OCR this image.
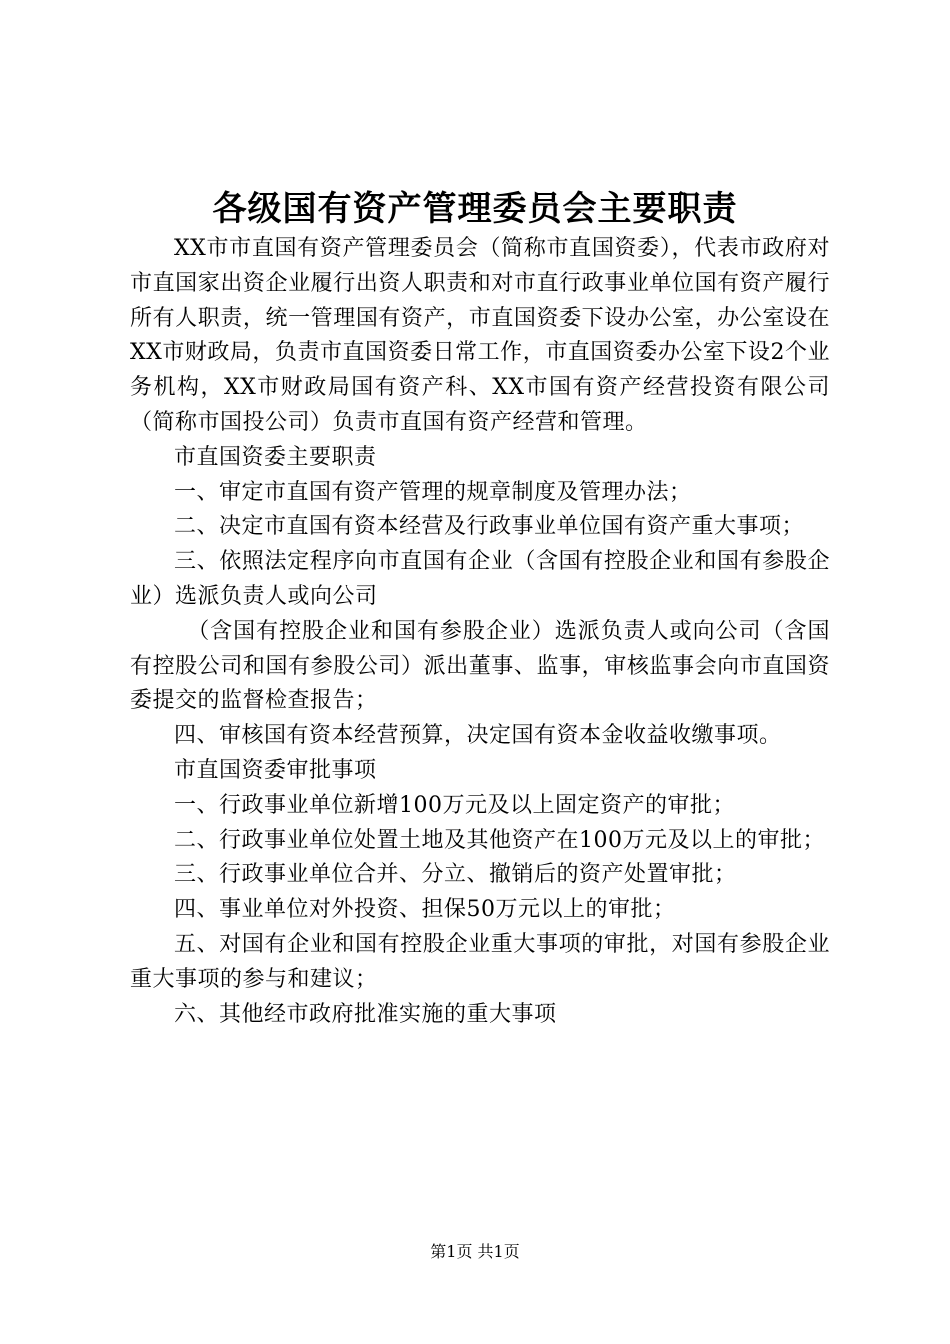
各级国有资产管理委员会主要职责

XX市市直国有资产管理委员会（简称市直国资委），代表市政府对市直国家出资企业履行出资人职责和对市直行政事业单位国有资产履行所有人职责，统一管理国有资产，市直国资委下设办公室，办公室设在XX市财政局，负责市直国资委日常工作，市直国资委办公室下设2个业务机构，XX市财政局国有资产科、XX市国有资产经营投资有限公司（简称市国投公司）负责市直国有资产经营和管理。

市直国资委主要职责

一、审定市直国有资产管理的规章制度及管理办法；

二、决定市直国有资本经营及行政事业单位国有资产重大事项；

三、依照法定程序向市直国有企业（含国有控股企业和国有参股企业）选派负责人或向公司

（含国有控股企业和国有参股企业）选派负责人或向公司（含国有控股公司和国有参股公司）派出董事、监事，审核监事会向市直国资委提交的监督检查报告；

四、审核国有资本经营预算，决定国有资本金收益收缴事项。

市直国资委审批事项

一、行政事业单位新增100万元及以上固定资产的审批；

二、行政事业单位处置土地及其他资产在100万元及以上的审批；

三、行政事业单位合并、分立、撤销后的资产处置审批；

四、事业单位对外投资、担保50万元以上的审批；

五、对国有企业和国有控股企业重大事项的审批，对国有参股企业重大事项的参与和建议；

六、其他经市政府批准实施的重大事项

第1页 共1页
